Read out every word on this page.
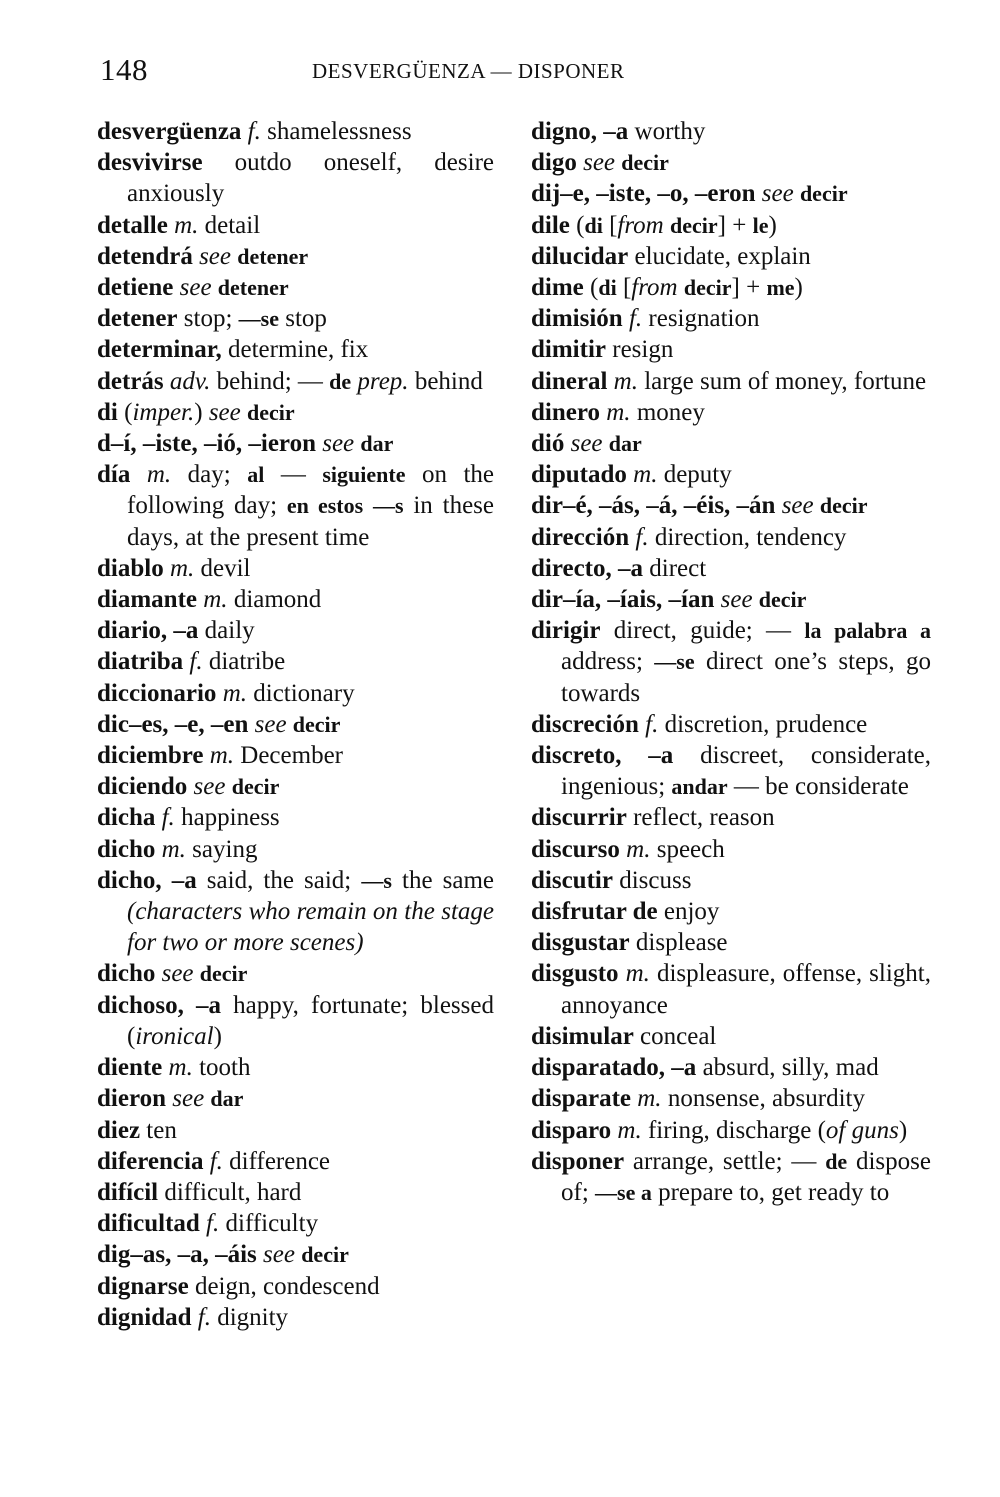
148	DESVERGÜENZA — DISPONER
desvergüenza f. shamelessness
desvivirse outdo oneself, desire anxiously
detalle m. detail
detendrá see detener
detiene see detener
detener stop; —se stop
determinar, determine, fix
detrás adv. behind; — de prep. behind
di (imper.) see decir
d–í, –iste, –ió, –ieron see dar
día m. day; al — siguiente on the following day; en estos —s in these days, at the present time
diablo m. devil
diamante m. diamond
diario, –a daily
diatriba f. diatribe
diccionario m. dictionary
dic–es, –e, –en see decir
diciembre m. December
diciendo see decir
dicha f. happiness
dicho m. saying
dicho, –a said, the said; —s the same (characters who remain on the stage for two or more scenes)
dicho see decir
dichoso, –a happy, fortunate; blessed (ironical)
diente m. tooth
dieron see dar
diez ten
diferencia f. difference
difícil difficult, hard
dificultad f. difficulty
dig–as, –a, –áis see decir
dignarse deign, condescend
dignidad f. dignity
digno, –a worthy
digo see decir
dij–e, –iste, –o, –eron see decir
dile (di [from decir] + le)
dilucidar elucidate, explain
dime (di [from decir] + me)
dimisión f. resignation
dimitir resign
dineral m. large sum of money, fortune
dinero m. money
dió see dar
diputado m. deputy
dir–é, –ás, –á, –éis, –án see decir
dirección f. direction, tendency
directo, –a direct
dir–ía, –íais, –ían see decir
dirigir direct, guide; — la palabra a address; —se direct one’s steps, go towards
discreción f. discretion, prudence
discreto, –a discreet, considerate, ingenious; andar — be considerate
discurrir reflect, reason
discurso m. speech
discutir discuss
disfrutar de enjoy
disgustar displease
disgusto m. displeasure, offense, slight, annoyance
disimular conceal
disparatado, –a absurd, silly, mad
disparate m. nonsense, absurdity
disparo m. firing, discharge (of guns)
disponer arrange, settle; — de dispose of; —se a prepare to, get ready to
